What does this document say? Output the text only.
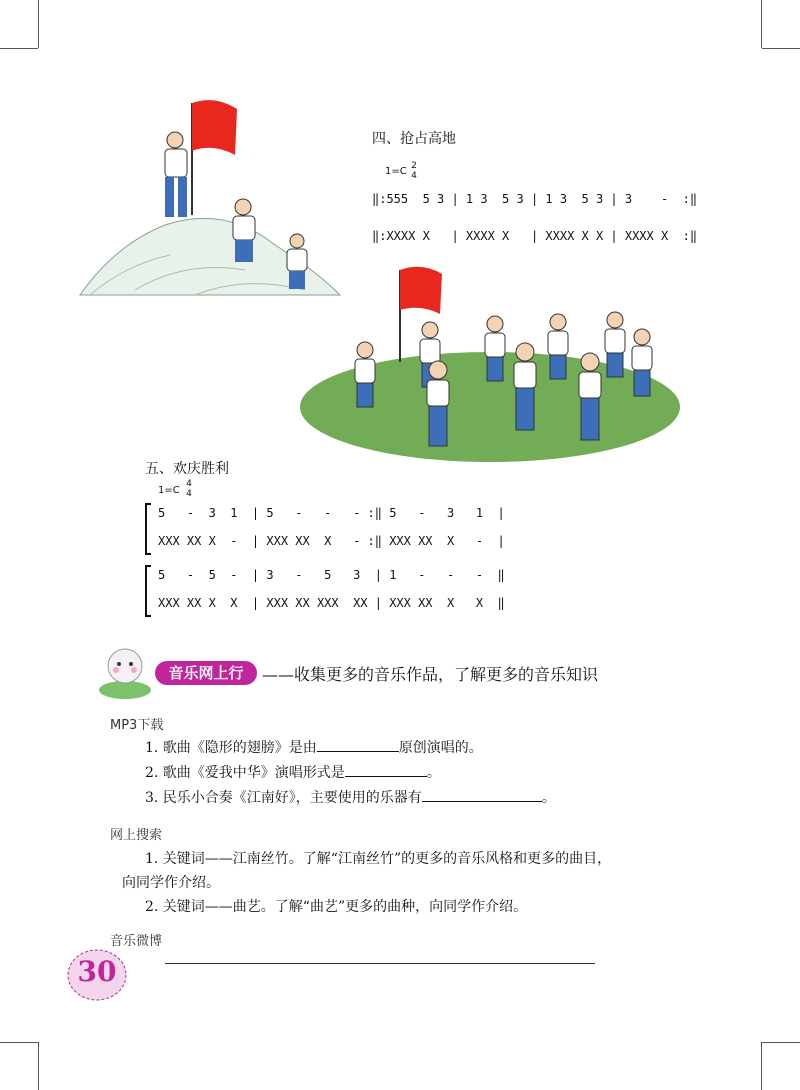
四、抢占高地
1=C 2
4
‖:555  5 3 | 1 3  5 3 | 1 3  5 3 | 3    -  :‖
‖:XXXX X   | XXXX X   | XXXX X X | XXXX X  :‖
五、欢庆胜利
1=C
4
4
5   -  3  1  | 5   -   -   - :‖ 5   -   3   1  |
XXX XX X  -  | XXX XX  X   - :‖ XXX XX  X   -  |
5   -  5  -  | 3   -   5   3  | 1   -   -   -  ‖
XXX XX X  X  | XXX XX XXX  XX | XXX XX  X   X  ‖
音乐网上行	——收集更多的音乐作品，了解更多的音乐知识
MP3下载
1. 歌曲《隐形的翅膀》是由	原创演唱的。
2. 歌曲《爱我中华》演唱形式是	。
3. 民乐小合奏《江南好》，主要使用的乐器有	。
网上搜索
1. 关键词——江南丝竹。了解“江南丝竹”的更多的音乐风格和更多的曲目，
向同学作介绍。
2. 关键词——曲艺。了解“曲艺”更多的曲种，向同学作介绍。
音乐微博
30
